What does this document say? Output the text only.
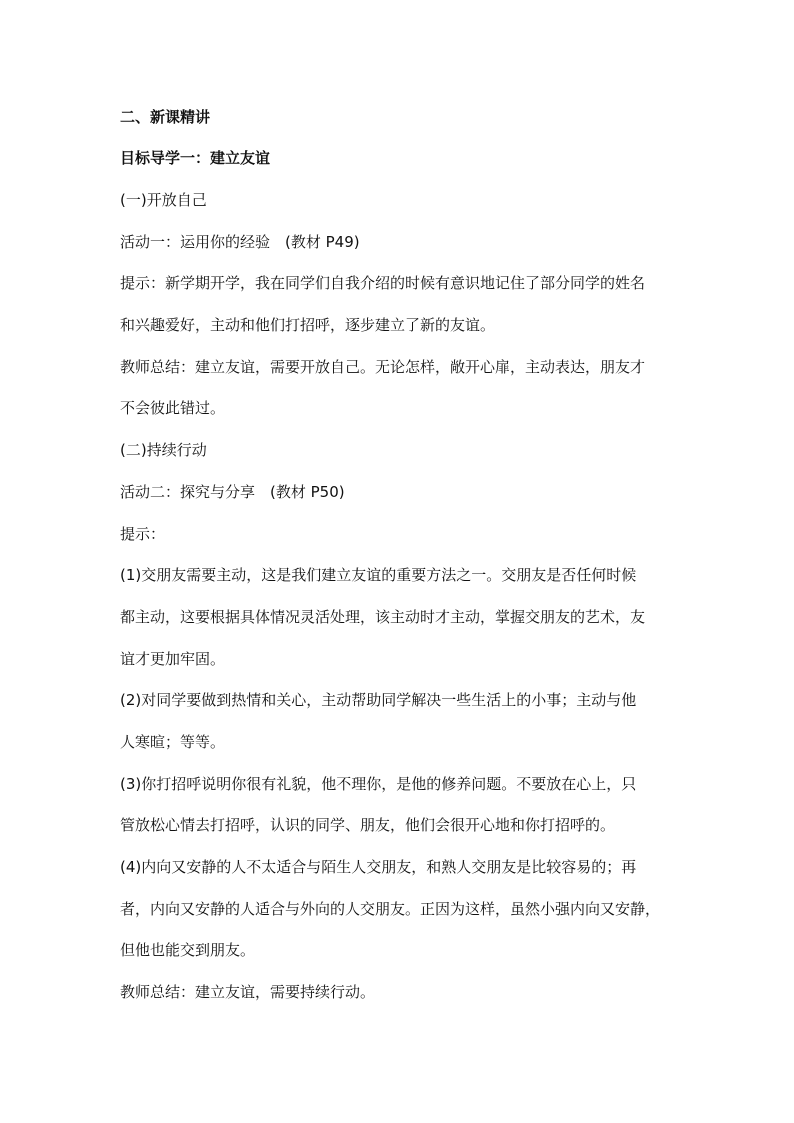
二、新课精讲
目标导学一：建立友谊
(一)开放自己
活动一：运用你的经验　(教材 P49)
提示：新学期开学，我在同学们自我介绍的时候有意识地记住了部分同学的姓名
和兴趣爱好，主动和他们打招呼，逐步建立了新的友谊。
教师总结：建立友谊，需要开放自己。无论怎样，敞开心扉，主动表达，朋友才
不会彼此错过。
(二)持续行动
活动二：探究与分享　(教材 P50)
提示：
(1)交朋友需要主动，这是我们建立友谊的重要方法之一。交朋友是否任何时候
都主动，这要根据具体情况灵活处理，该主动时才主动，掌握交朋友的艺术，友
谊才更加牢固。
(2)对同学要做到热情和关心，主动帮助同学解决一些生活上的小事；主动与他
人寒暄；等等。
(3)你打招呼说明你很有礼貌，他不理你，是他的修养问题。不要放在心上，只
管放松心情去打招呼，认识的同学、朋友，他们会很开心地和你打招呼的。
(4)内向又安静的人不太适合与陌生人交朋友，和熟人交朋友是比较容易的；再
者，内向又安静的人适合与外向的人交朋友。正因为这样，虽然小强内向又安静，
但他也能交到朋友。
教师总结：建立友谊，需要持续行动。
